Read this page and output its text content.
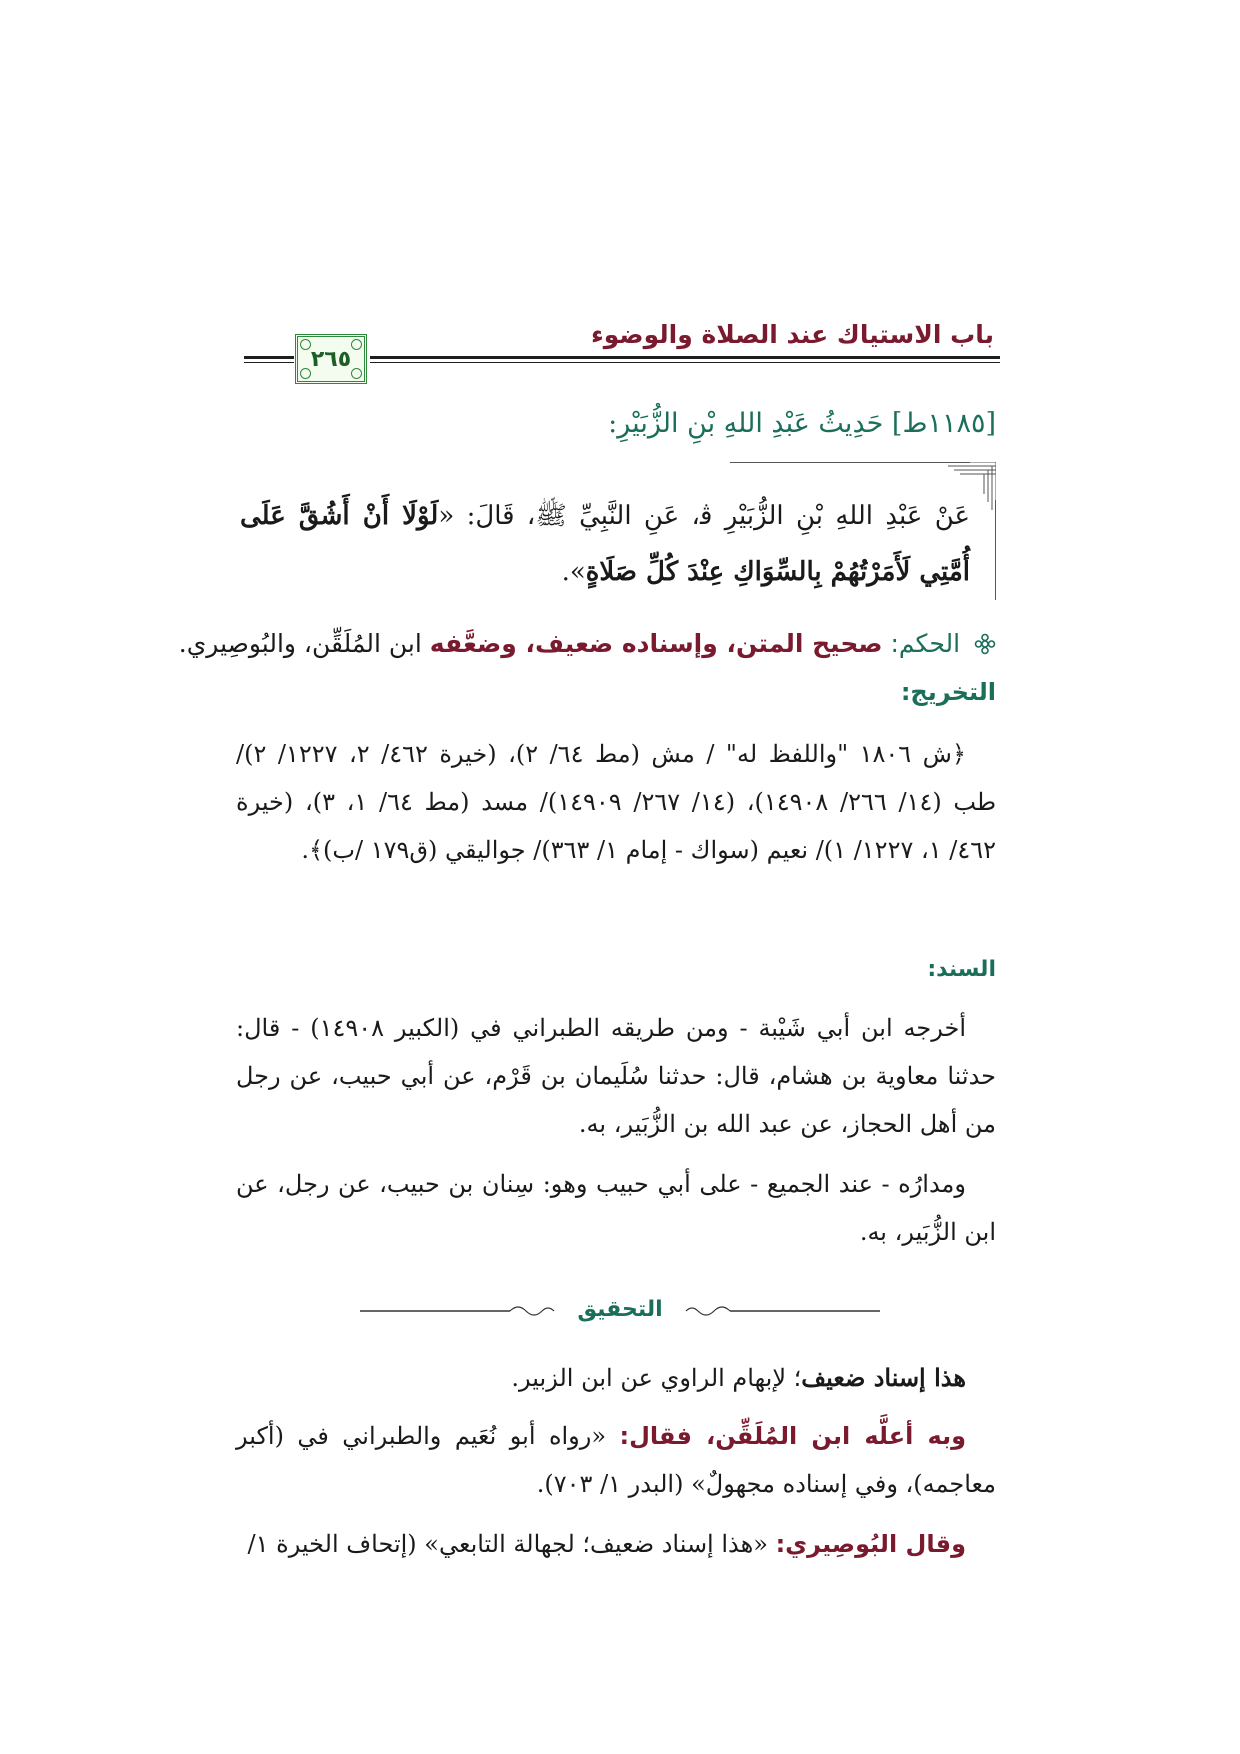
باب الاستياك عند الصلاة والوضوء
٢٦٥
[١١٨٥ط] حَدِيثُ عَبْدِ اللهِ بْنِ الزُّبَيْرِ:
عَنْ عَبْدِ اللهِ بْنِ الزُّبَيْرِ ﭬ، عَنِ النَّبِيِّ ﷺ، قَالَ: «لَوْلَا أَنْ أَشُقَّ عَلَى أُمَّتِي لَأَمَرْتُهُمْ بِالسِّوَاكِ عِنْدَ كُلِّ صَلَاةٍ».
الحكم: صحيح المتن، وإسناده ضعيف، وضعَّفه ابن المُلَقِّن، والبُوصِيري.
التخريج:
﴿ش ١٨٠٦ "واللفظ له" / مش (مط ٦٤/ ٢)، (خيرة ٤٦٢/ ٢، ١٢٢٧/ ٢)/ طب (١٤/ ٢٦٦/ ١٤٩٠٨)، (١٤/ ٢٦٧/ ١٤٩٠٩)/ مسد (مط ٦٤/ ١، ٣)، (خيرة ٤٦٢/ ١، ١٢٢٧/ ١)/ نعيم (سواك - إمام ١/ ٣٦٣)/ جواليقي (ق١٧٩ /ب)﴾.
السند:
أخرجه ابن أبي شَيْبة - ومن طريقه الطبراني في (الكبير ١٤٩٠٨) - قال: حدثنا معاوية بن هشام، قال: حدثنا سُلَيمان بن قَرْم، عن أبي حبيب، عن رجل من أهل الحجاز، عن عبد الله بن الزُّبَير، به.
ومدارُه - عند الجميع - على أبي حبيب وهو: سِنان بن حبيب، عن رجل، عن ابن الزُّبَير، به.
التحقيق
هذا إسناد ضعيف؛ لإبهام الراوي عن ابن الزبير.
وبه أعلَّه ابن المُلَقِّن، فقال: «رواه أبو نُعَيم والطبراني في (أكبر معاجمه)، وفي إسناده مجهولٌ» (البدر ١/ ٧٠٣).
وقال البُوصِيري: «هذا إسناد ضعيف؛ لجهالة التابعي» (إتحاف الخيرة ١/
